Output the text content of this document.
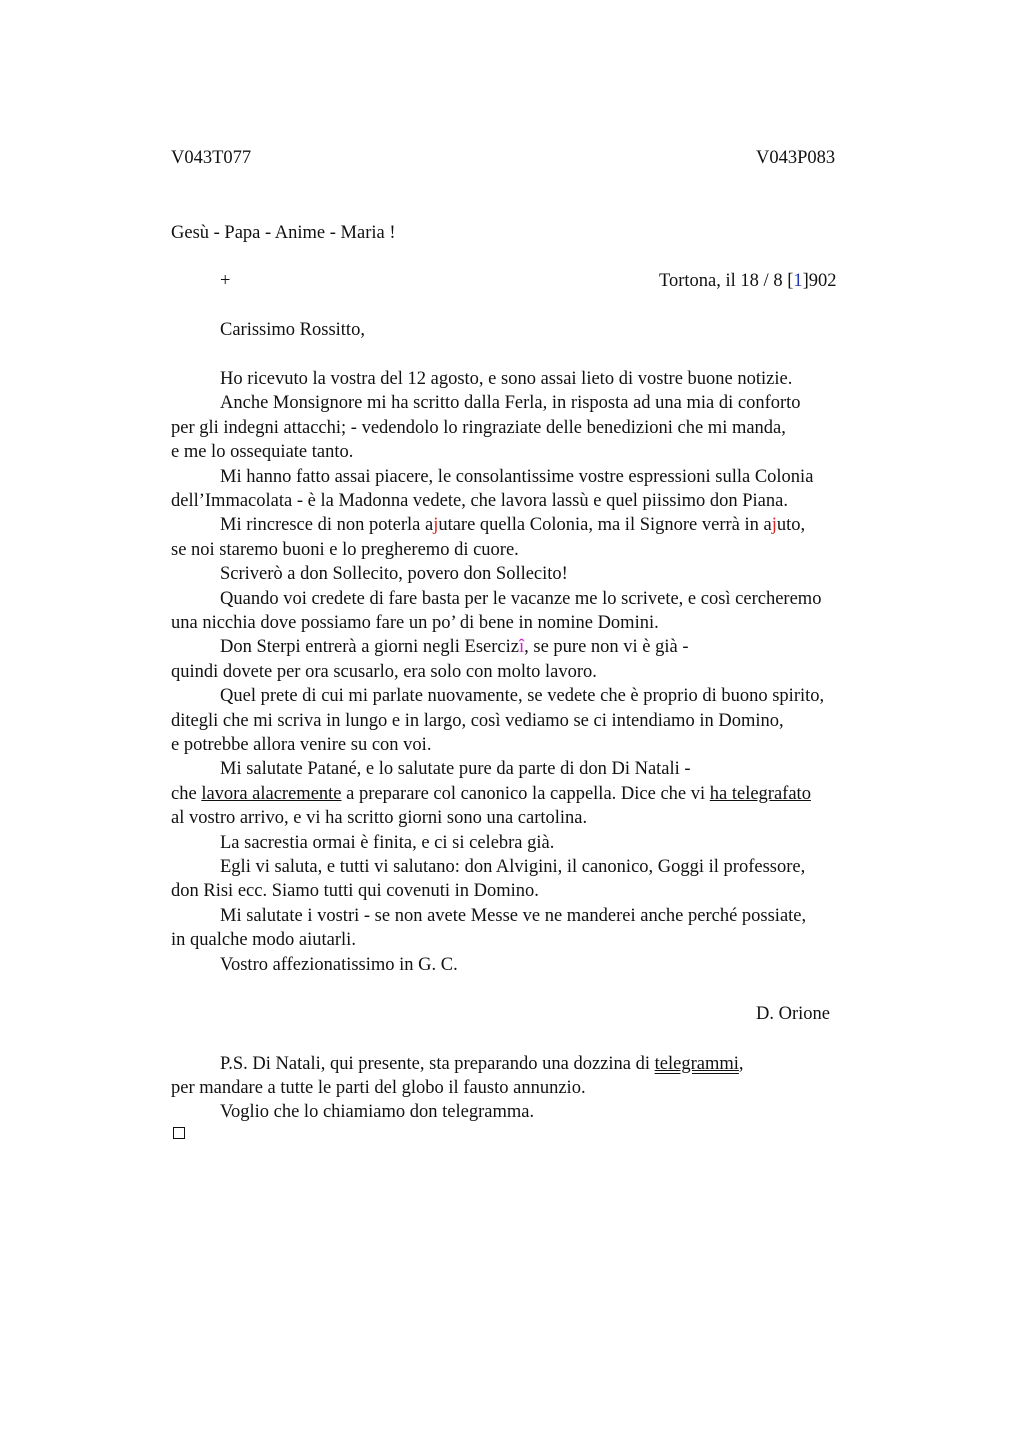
V043T077	V043P083
Gesù - Papa - Anime - Maria !
+	Tortona, il 18 / 8 [1]902
Carissimo Rossitto,
Ho ricevuto la vostra del 12 agosto, e sono assai lieto di vostre buone notizie.
Anche Monsignore mi ha scritto dalla Ferla, in risposta ad una mia di conforto
per gli indegni attacchi; - vedendolo lo ringraziate delle benedizioni che mi manda,
e me lo ossequiate tanto.
Mi hanno fatto assai piacere, le consolantissime vostre espressioni sulla Colonia
dell’Immacolata - è la Madonna vedete, che lavora lassù e quel piissimo don Piana.
Mi rincresce di non poterla ajutare quella Colonia, ma il Signore verrà in ajuto,
se noi staremo buoni e lo pregheremo di cuore.
Scriverò a don Sollecito, povero don Sollecito!
Quando voi credete di fare basta per le vacanze me lo scrivete, e così cercheremo
una nicchia dove possiamo fare un po’ di bene in nomine Domini.
Don Sterpi entrerà a giorni negli Esercizî, se pure non vi è già -
quindi dovete per ora scusarlo, era solo con molto lavoro.
Quel prete di cui mi parlate nuovamente, se vedete che è proprio di buono spirito,
ditegli che mi scriva in lungo e in largo, così vediamo se ci intendiamo in Domino,
e potrebbe allora venire su con voi.
Mi salutate Patané, e lo salutate pure da parte di don Di Natali -
che lavora alacremente a preparare col canonico la cappella. Dice che vi ha telegrafato
al vostro arrivo, e vi ha scritto giorni sono una cartolina.
La sacrestia ormai è finita, e ci si celebra già.
Egli vi saluta, e tutti vi salutano: don Alvigini, il canonico, Goggi il professore,
don Risi ecc. Siamo tutti qui covenuti in Domino.
Mi salutate i vostri - se non avete Messe ve ne manderei anche perché possiate,
in qualche modo aiutarli.
Vostro affezionatissimo in G. C.
D. Orione
P.S. Di Natali, qui presente, sta preparando una dozzina di telegrammi,
per mandare a tutte le parti del globo il fausto annunzio.
Voglio che lo chiamiamo don telegramma.
